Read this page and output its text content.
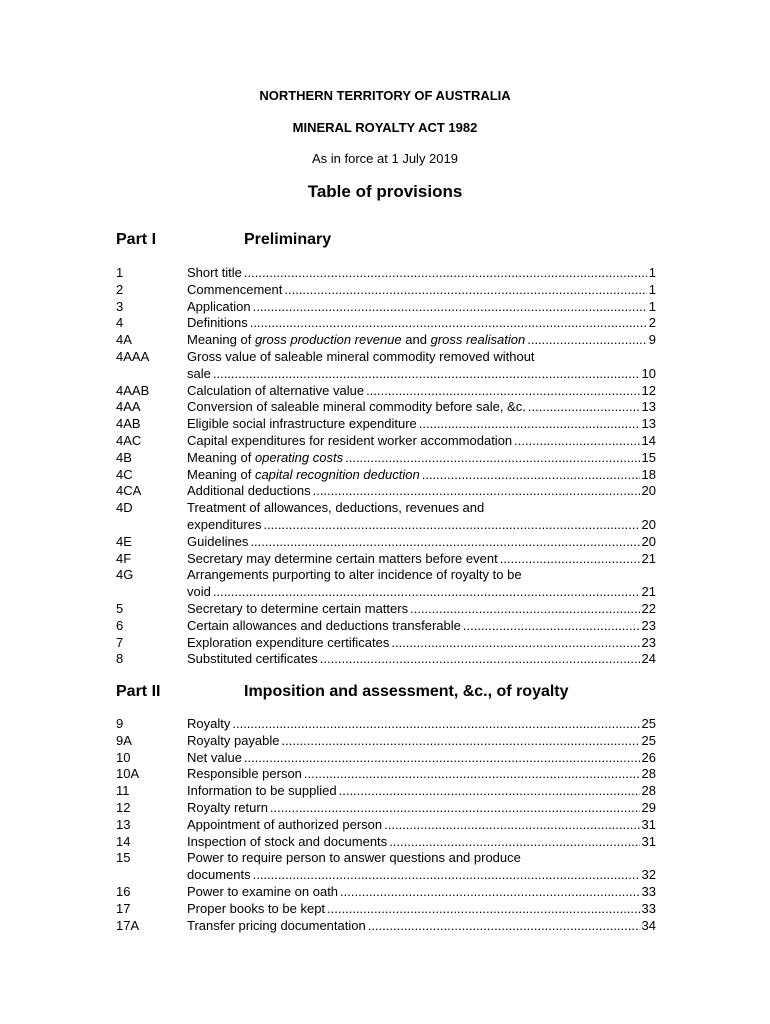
NORTHERN TERRITORY OF AUSTRALIA
MINERAL ROYALTY ACT 1982
As in force at 1 July 2019
Table of provisions
Part I	Preliminary
1	Short title .....	1
2	Commencement .....	1
3	Application .....	1
4	Definitions .....	2
4A	Meaning of gross production revenue and gross realisation .....	9
4AAA	Gross value of saleable mineral commodity removed without
sale .....	10
4AAB	Calculation of alternative value .....	12
4AA	Conversion of saleable mineral commodity before sale, &c. .....	13
4AB	Eligible social infrastructure expenditure .....	13
4AC	Capital expenditures for resident worker accommodation .....	14
4B	Meaning of operating costs .....	15
4C	Meaning of capital recognition deduction .....	18
4CA	Additional deductions .....	20
4D	Treatment of allowances, deductions, revenues and
expenditures .....	20
4E	Guidelines .....	20
4F	Secretary may determine certain matters before event .....	21
4G	Arrangements purporting to alter incidence of royalty to be
void .....	21
5	Secretary to determine certain matters .....	22
6	Certain allowances and deductions transferable .....	23
7	Exploration expenditure certificates .....	23
8	Substituted certificates .....	24
Part II	Imposition and assessment, &c., of royalty
9	Royalty .....	25
9A	Royalty payable .....	25
10	Net value .....	26
10A	Responsible person .....	28
11	Information to be supplied .....	28
12	Royalty return .....	29
13	Appointment of authorized person .....	31
14	Inspection of stock and documents .....	31
15	Power to require person to answer questions and produce
documents .....	32
16	Power to examine on oath .....	33
17	Proper books to be kept .....	33
17A	Transfer pricing documentation .....	34
